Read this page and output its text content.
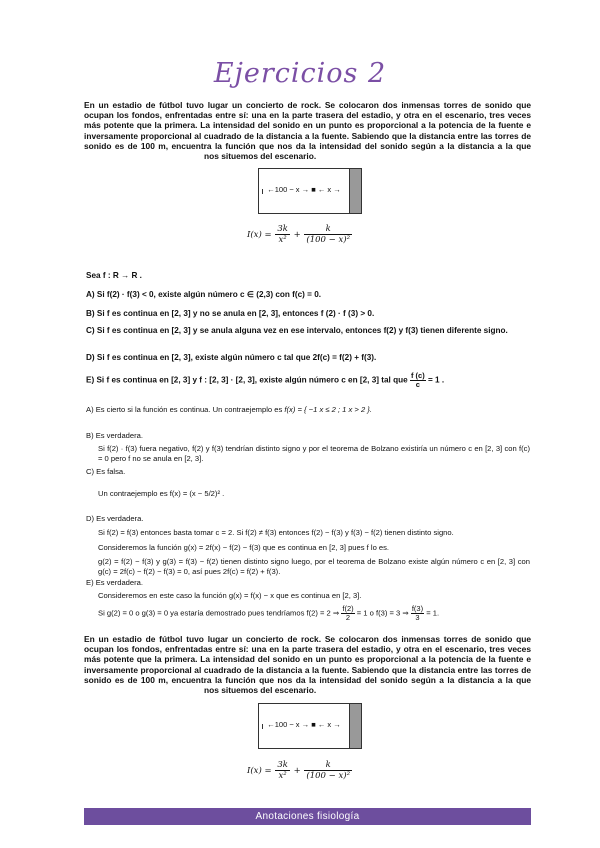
Ejercicios 2
En un estadio de fútbol tuvo lugar un concierto de rock. Se colocaron dos inmensas torres de sonido que ocupan los fondos, enfrentadas entre sí: una en la parte trasera del estadio, y otra en el escenario, tres veces más potente que la primera. La intensidad del sonido en un punto es proporcional a la potencia de la fuente e inversamente proporcional al cuadrado de la distancia a la fuente. Sabiendo que la distancia entre las torres de sonido es de 100 m, encuentra la función que nos da la intensidad del sonido según a la distancia a la quenos situemos del escenario.
←100 − x → ■ ← x →
$I(x) = \frac{3k}{\text{x²}} + \frac{k}{\text{(100 − x)²}}$
Sea f : R → R .
A) Si f(2) · f(3) < 0, existe algún número c ∈ (2,3) con f(c) = 0.
B) Si f es continua en [2, 3] y no se anula en [2, 3], entonces f (2) · f (3) > 0.
C) Si f es continua en [2, 3] y se anula alguna vez en ese intervalo, entonces f(2) y f(3) tienen diferente signo.
D) Si f es continua en [2, 3], existe algún número c tal que 2f(c) = f(2) + f(3).
E) Si f es continua en [2, 3] y f : [2, 3] · [2, 3], existe algún número c en [2, 3] tal que $\frac{f (c)}{c} = 1$ .
A) Es cierto si la función es continua. Un contraejemplo es f(x) = { −1 x ≤ 2 ; 1 x > 2 }.
B) Es verdadera.
Si f(2) · f(3) fuera negativo, f(2) y f(3) tendrían distinto signo y por el teorema de Bolzano existiría un número c en [2, 3] con f(c) = 0 pero f no se anula en [2, 3].
C) Es falsa.
Un contraejemplo es f(x) = (x − 5/2)² .
D) Es verdadera.
Si f(2) = f(3) entonces basta tomar c = 2. Si f(2) ≠ f(3) entonces f(2) − f(3) y f(3) − f(2) tienen distinto signo.
Consideremos la función g(x) = 2f(x) − f(2) − f(3) que es continua en [2, 3] pues f lo es.
g(2) = f(2) − f(3) y g(3) = f(3) − f(2) tienen distinto signo luego, por el teorema de Bolzano existe algún número c en [2, 3] con g(c) = 2f(c) − f(2) − f(3) = 0, así pues 2f(c) = f(2) + f(3).
E) Es verdadera.
Consideremos en este caso la función g(x) = f(x) − x que es continua en [2, 3].
Si g(2) = 0 o g(3) = 0 ya estaría demostrado pues tendríamos f(2) = 2 ⇒ $\frac{f(2)}{2} = 1$ o f(3) = 3 ⇒ $\frac{f(3)}{3} = 1$.
En un estadio de fútbol tuvo lugar un concierto de rock. Se colocaron dos inmensas torres de sonido que ocupan los fondos, enfrentadas entre sí: una en la parte trasera del estadio, y otra en el escenario, tres veces más potente que la primera. La intensidad del sonido en un punto es proporcional a la potencia de la fuente e inversamente proporcional al cuadrado de la distancia a la fuente. Sabiendo que la distancia entre las torres de sonido es de 100 m, encuentra la función que nos da la intensidad del sonido según a la distancia a la quenos situemos del escenario.
←100 − x → ■ ← x →
$I(x) = \frac{3k}{\text{x²}} + \frac{k}{\text{(100 − x)²}}$
Anotaciones fisiología
